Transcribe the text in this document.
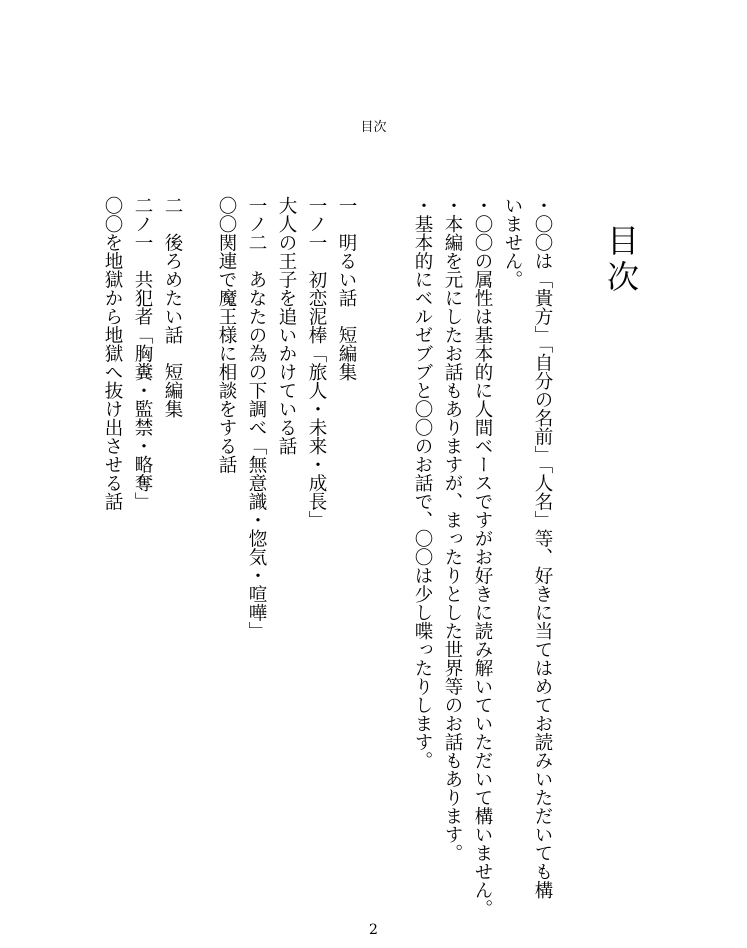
目次
目次
・〇〇は「貴方」「自分の名前」「人名」等、好きに当てはめてお読みいただいても構
いません。
・〇〇の属性は基本的に人間ベースですがお好きに読み解いていただいて構いません。
・本編を元にしたお話もありますが、まったりとした世界等のお話もあります。
・基本的にベルゼブブと〇〇のお話で、〇〇は少し喋ったりします。
一　明るい話　短編集
一ノ一　初恋泥棒「旅人・未来・成長」
大人の王子を追いかけている話
一ノ二　あなたの為の下調べ「無意識・惚気・喧嘩」
〇〇関連で魔王様に相談をする話
二　後ろめたい話　短編集
二ノ一　共犯者「胸糞・監禁・略奪」
〇〇を地獄から地獄へ抜け出させる話
2
